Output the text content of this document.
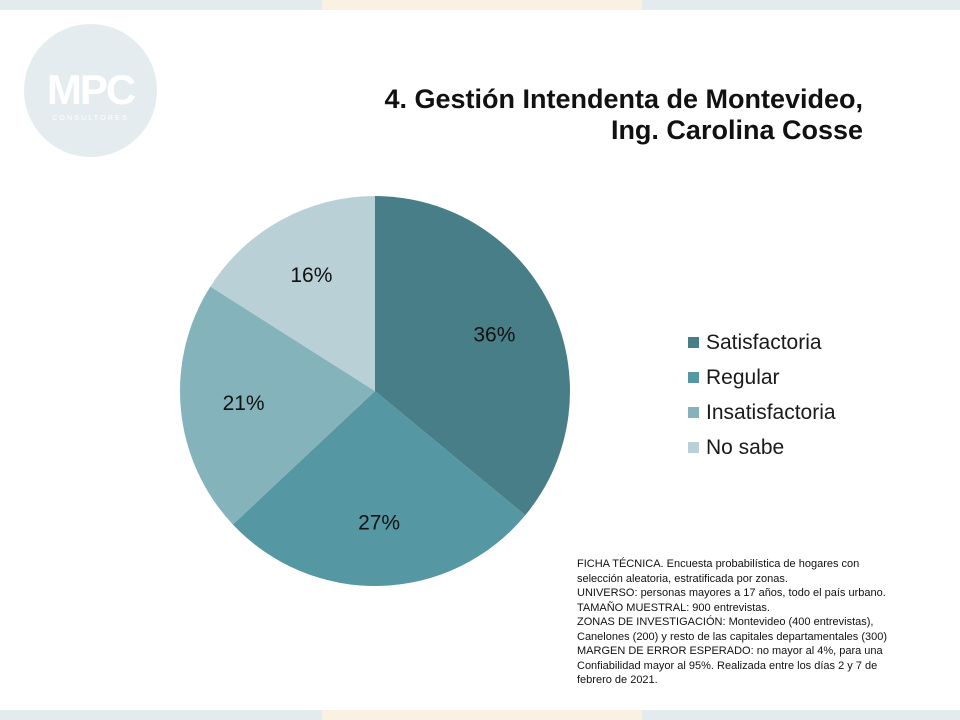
MPC
CONSULTORES
4. Gestión Intendenta de Montevideo,
Ing. Carolina Cosse
36%
27%
21%
16%
Satisfactoria
Regular
Insatisfactoria
No sabe
FICHA TÉCNICA. Encuesta probabilística de hogares con
selección aleatoria, estratificada por zonas.
UNIVERSO: personas mayores a 17 años, todo el país urbano.
TAMAÑO MUESTRAL: 900 entrevistas.
ZONAS DE INVESTIGACIÓN: Montevideo (400 entrevistas),
Canelones (200) y resto de las capitales departamentales (300)
MARGEN DE ERROR ESPERADO: no mayor al 4%, para una
Confiabilidad mayor al 95%. Realizada entre los días 2 y 7 de
febrero de 2021.
